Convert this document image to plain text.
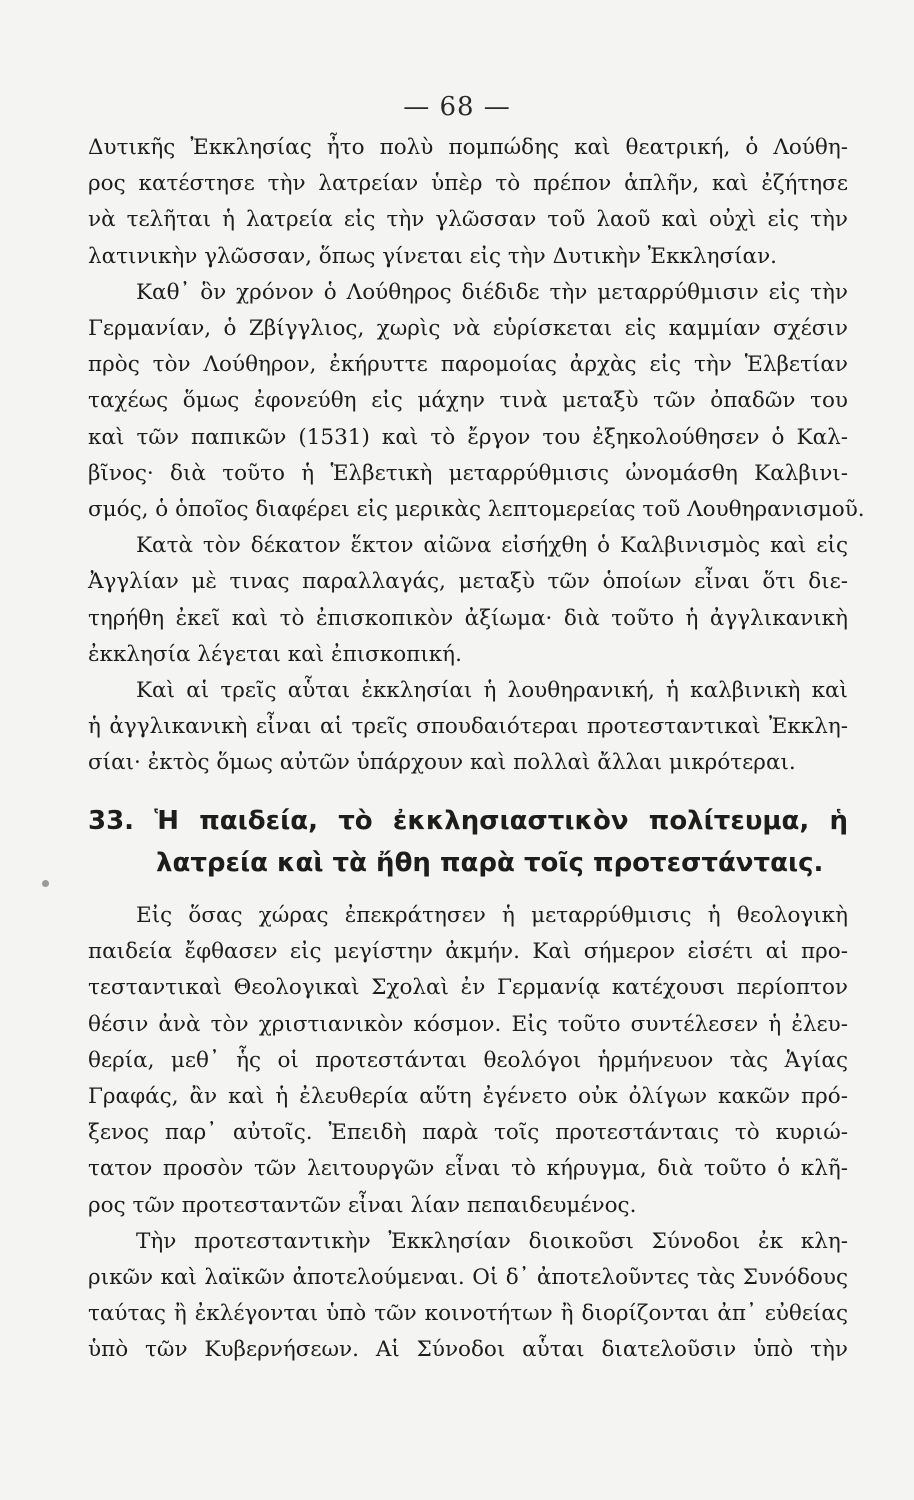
— 68 —
Δυτικῆς Ἐκκλησίας ἦτο πολὺ πομπώδης καὶ θεατρική, ὁ Λούθη-
ρος κατέστησε τὴν λατρείαν ὑπὲρ τὸ πρέπον ἁπλῆν, καὶ ἐζήτησε
νὰ τελῆται ἡ λατρεία εἰς τὴν γλῶσσαν τοῦ λαοῦ καὶ οὐχὶ εἰς τὴν
λατινικὴν γλῶσσαν, ὅπως γίνεται εἰς τὴν Δυτικὴν Ἐκκλησίαν.
Καθ᾽ ὃν χρόνον ὁ Λούθηρος διέδιδε τὴν μεταρρύθμισιν εἰς τὴν
Γερμανίαν, ὁ Ζβίγγλιος, χωρὶς νὰ εὑρίσκεται εἰς καμμίαν σχέσιν
πρὸς τὸν Λούθηρον, ἐκήρυττε παρομοίας ἀρχὰς εἰς τὴν Ἑλβετίαν
ταχέως ὅμως ἐφονεύθη εἰς μάχην τινὰ μεταξὺ τῶν ὀπαδῶν του
καὶ τῶν παπικῶν (1531) καὶ τὸ ἔργον του ἐξηκολούθησεν ὁ Καλ-
βῖνος· διὰ τοῦτο ἡ Ἑλβετικὴ μεταρρύθμισις ὠνομάσθη Καλβινι-
σμός, ὁ ὁποῖος διαφέρει εἰς μερικὰς λεπτομερείας τοῦ Λουθηρανισμοῦ.
Κατὰ τὸν δέκατον ἕκτον αἰῶνα εἰσήχθη ὁ Καλβινισμὸς καὶ εἰς
Ἀγγλίαν μὲ τινας παραλλαγάς, μεταξὺ τῶν ὁποίων εἶναι ὅτι διε-
τηρήθη ἐκεῖ καὶ τὸ ἐπισκοπικὸν ἀξίωμα· διὰ τοῦτο ἡ ἀγγλικανικὴ
ἐκκλησία λέγεται καὶ ἐπισκοπική.
Καὶ αἱ τρεῖς αὗται ἐκκλησίαι ἡ λουθηρανική, ἡ καλβινικὴ καὶ
ἡ ἀγγλικανικὴ εἶναι αἱ τρεῖς σπουδαιότεραι προτεσταντικαὶ Ἐκκλη-
σίαι· ἐκτὸς ὅμως αὐτῶν ὑπάρχουν καὶ πολλαὶ ἄλλαι μικρότεραι.
33. Ἡ παιδεία, τὸ ἐκκλησιαστικὸν πολίτευμα, ἡ
λατρεία καὶ τὰ ἤθη παρὰ τοῖς προτεστάνταις.
Εἰς ὅσας χώρας ἐπεκράτησεν ἡ μεταρρύθμισις ἡ θεολογικὴ
παιδεία ἔφθασεν εἰς μεγίστην ἀκμήν. Καὶ σήμερον εἰσέτι αἱ προ-
τεσταντικαὶ Θεολογικαὶ Σχολαὶ ἐν Γερμανίᾳ κατέχουσι περίοπτον
θέσιν ἀνὰ τὸν χριστιανικὸν κόσμον. Εἰς τοῦτο συντέλεσεν ἡ ἐλευ-
θερία, μεθ᾽ ἧς οἱ προτεστάνται θεολόγοι ἡρμήνευον τὰς Ἁγίας
Γραφάς, ἂν καὶ ἡ ἐλευθερία αὕτη ἐγένετο οὐκ ὀλίγων κακῶν πρό-
ξενος παρ᾽ αὐτοῖς. Ἐπειδὴ παρὰ τοῖς προτεστάνταις τὸ κυριώ-
τατον προσὸν τῶν λειτουργῶν εἶναι τὸ κήρυγμα, διὰ τοῦτο ὁ κλῆ-
ρος τῶν προτεσταντῶν εἶναι λίαν πεπαιδευμένος.
Τὴν προτεσταντικὴν Ἐκκλησίαν διοικοῦσι Σύνοδοι ἐκ κλη-
ρικῶν καὶ λαϊκῶν ἀποτελούμεναι. Οἱ δ᾽ ἀποτελοῦντες τὰς Συνόδους
ταύτας ἢ ἐκλέγονται ὑπὸ τῶν κοινοτήτων ἢ διορίζονται ἀπ᾽ εὐθείας
ὑπὸ τῶν Κυβερνήσεων. Αἱ Σύνοδοι αὗται διατελοῦσιν ὑπὸ τὴν
